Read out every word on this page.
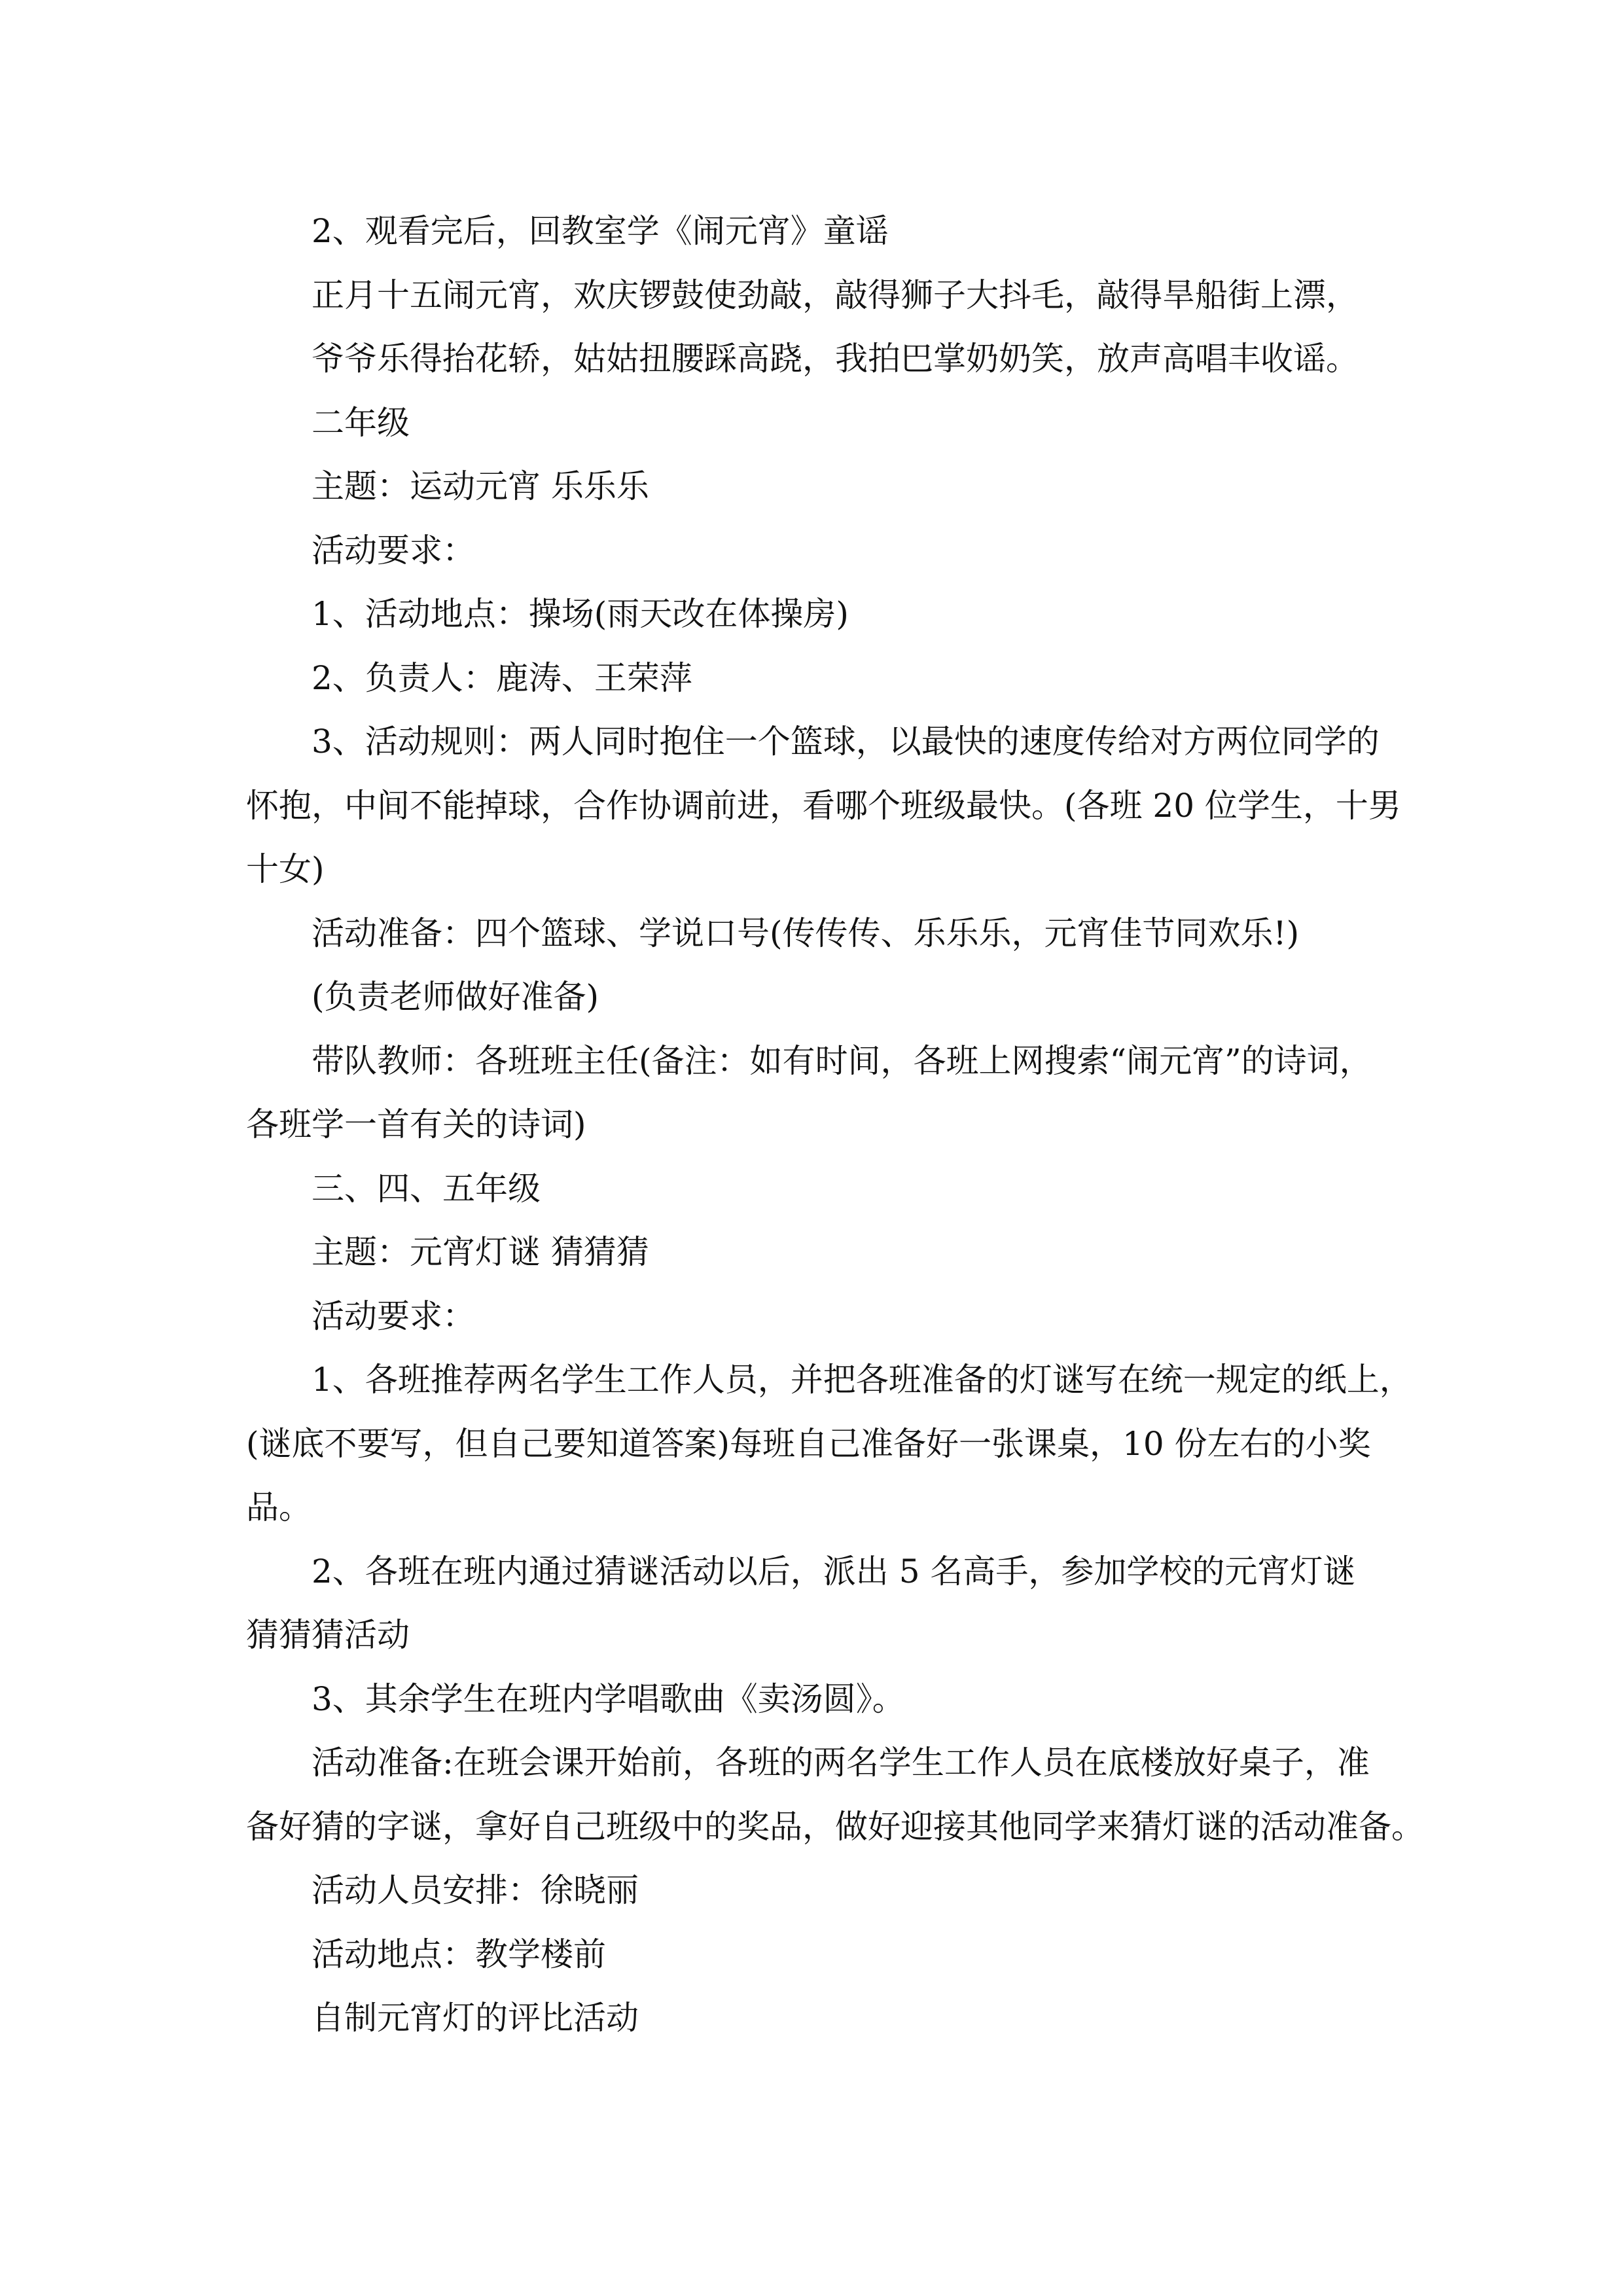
2、观看完后，回教室学《闹元宵》童谣
正月十五闹元宵，欢庆锣鼓使劲敲，敲得狮子大抖毛，敲得旱船街上漂，
爷爷乐得抬花轿，姑姑扭腰踩高跷，我拍巴掌奶奶笑，放声高唱丰收谣。
二年级
主题：运动元宵 乐乐乐
活动要求：
1、活动地点：操场(雨天改在体操房)
2、负责人：鹿涛、王荣萍
3、活动规则：两人同时抱住一个篮球，以最快的速度传给对方两位同学的
怀抱，中间不能掉球，合作协调前进，看哪个班级最快。(各班 20 位学生，十男
十女)
活动准备：四个篮球、学说口号(传传传、乐乐乐，元宵佳节同欢乐!)
(负责老师做好准备)
带队教师：各班班主任(备注：如有时间，各班上网搜索“闹元宵”的诗词，
各班学一首有关的诗词)
三、四、五年级
主题：元宵灯谜 猜猜猜
活动要求：
1、各班推荐两名学生工作人员，并把各班准备的灯谜写在统一规定的纸上，
(谜底不要写，但自己要知道答案)每班自己准备好一张课桌，10 份左右的小奖
品。
2、各班在班内通过猜谜活动以后，派出 5 名高手，参加学校的元宵灯谜
猜猜猜活动
3、其余学生在班内学唱歌曲《卖汤圆》。
活动准备:在班会课开始前，各班的两名学生工作人员在底楼放好桌子，准
备好猜的字谜，拿好自己班级中的奖品，做好迎接其他同学来猜灯谜的活动准备。
活动人员安排：徐晓丽
活动地点：教学楼前
自制元宵灯的评比活动
